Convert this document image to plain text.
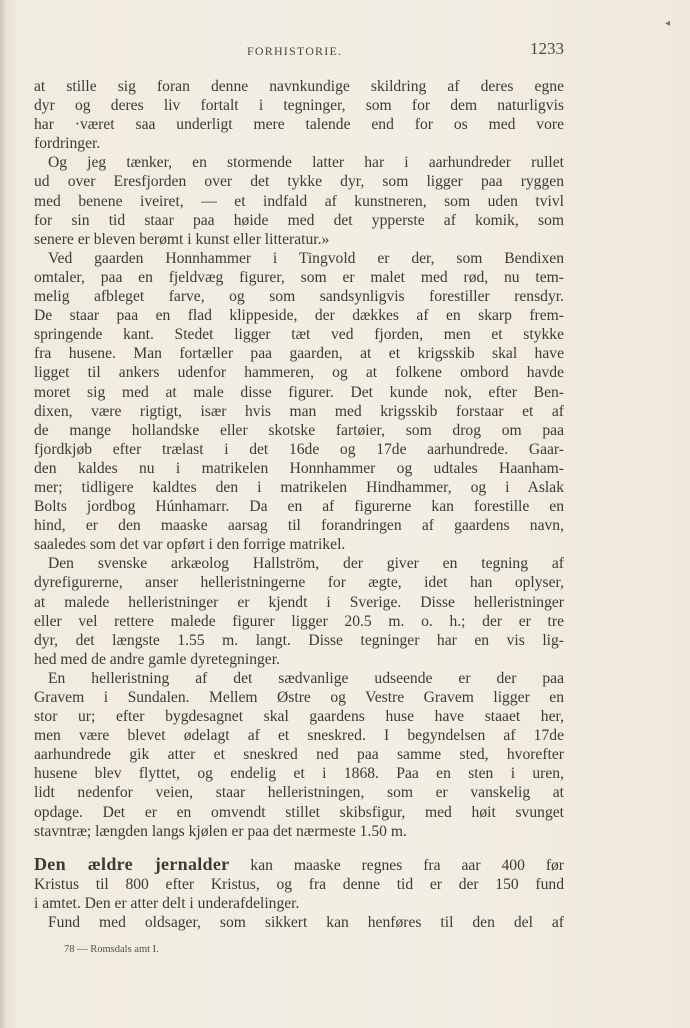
◂
FORHISTORIE.	1233
at stille sig foran denne navnkundige skildring af deres egne
dyr og deres liv fortalt i tegninger, som for dem naturligvis
har ·været saa underligt mere talende end for os med vore
fordringer.
Og jeg tænker, en stormende latter har i aarhundreder rullet
ud over Eresfjorden over det tykke dyr, som ligger paa ryggen
med benene iveiret, — et indfald af kunstneren, som uden tvivl
for sin tid staar paa høide med det ypperste af komik, som
senere er bleven berømt i kunst eller litteratur.»
Ved gaarden Honnhammer i Tingvold er der, som Bendixen
omtaler, paa en fjeldvæg figurer, som er malet med rød, nu tem-
melig afbleget farve, og som sandsynligvis forestiller rensdyr.
De staar paa en flad klippeside, der dækkes af en skarp frem-
springende kant. Stedet ligger tæt ved fjorden, men et stykke
fra husene. Man fortæller paa gaarden, at et krigsskib skal have
ligget til ankers udenfor hammeren, og at folkene ombord havde
moret sig med at male disse figurer. Det kunde nok, efter Ben-
dixen, være rigtigt, især hvis man med krigsskib forstaar et af
de mange hollandske eller skotske fartøier, som drog om paa
fjordkjøb efter trælast i det 16de og 17de aarhundrede. Gaar-
den kaldes nu i matrikelen Honnhammer og udtales Haanham-
mer; tidligere kaldtes den i matrikelen Hindhammer, og i Aslak
Bolts jordbog Húnhamarr. Da en af figurerne kan forestille en
hind, er den maaske aarsag til forandringen af gaardens navn,
saaledes som det var opført i den forrige matrikel.
Den svenske arkæolog Hallström, der giver en tegning af
dyrefigurerne, anser helleristningerne for ægte, idet han oplyser,
at malede helleristninger er kjendt i Sverige. Disse helleristninger
eller vel rettere malede figurer ligger 20.5 m. o. h.; der er tre
dyr, det længste 1.55 m. langt. Disse tegninger har en vis lig-
hed med de andre gamle dyretegninger.
En helleristning af det sædvanlige udseende er der paa
Gravem i Sundalen. Mellem Østre og Vestre Gravem ligger en
stor ur; efter bygdesagnet skal gaardens huse have staaet her,
men være blevet ødelagt af et sneskred. I begyndelsen af 17de
aarhundrede gik atter et sneskred ned paa samme sted, hvorefter
husene blev flyttet, og endelig et i 1868. Paa en sten i uren,
lidt nedenfor veien, staar helleristningen, som er vanskelig at
opdage. Det er en omvendt stillet skibsfigur, med høit svunget
stavntræ; længden langs kjølen er paa det nærmeste 1.50 m.
Den ældre jernalder kan maaske regnes fra aar 400 før
Kristus til 800 efter Kristus, og fra denne tid er der 150 fund
i amtet. Den er atter delt i underafdelinger.
Fund med oldsager, som sikkert kan henføres til den del af
78 — Romsdals amt I.
